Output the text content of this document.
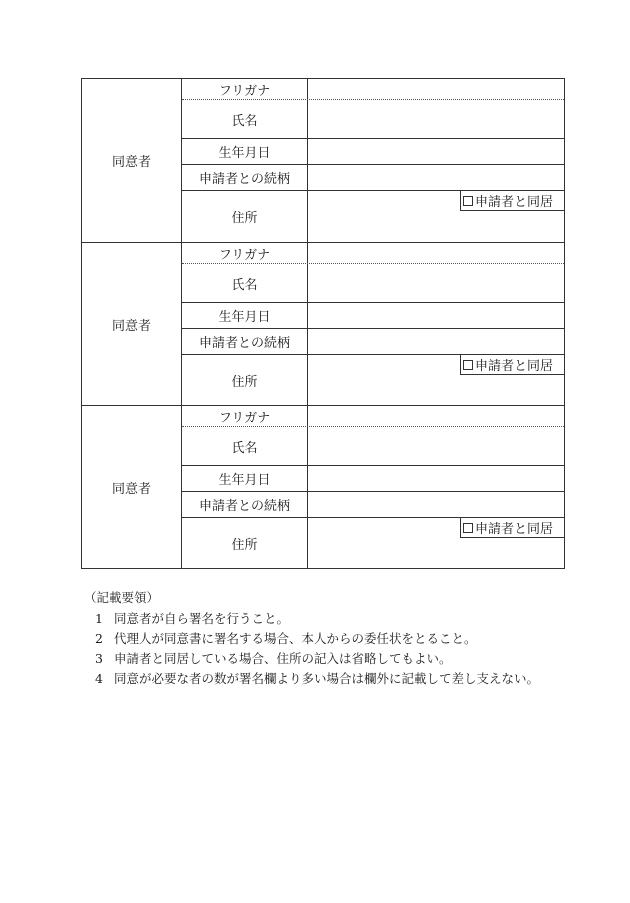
同意者
フリガナ
氏名
生年月日
申請者との続柄
住所
申請者と同居
同意者
フリガナ
氏名
生年月日
申請者との続柄
住所
申請者と同居
同意者
フリガナ
氏名
生年月日
申請者との続柄
住所
申請者と同居
（記載要領）
1 同意者が自ら署名を行うこと。
2 代理人が同意書に署名する場合、本人からの委任状をとること。
3 申請者と同居している場合、住所の記入は省略してもよい。
4 同意が必要な者の数が署名欄より多い場合は欄外に記載して差し支えない。
